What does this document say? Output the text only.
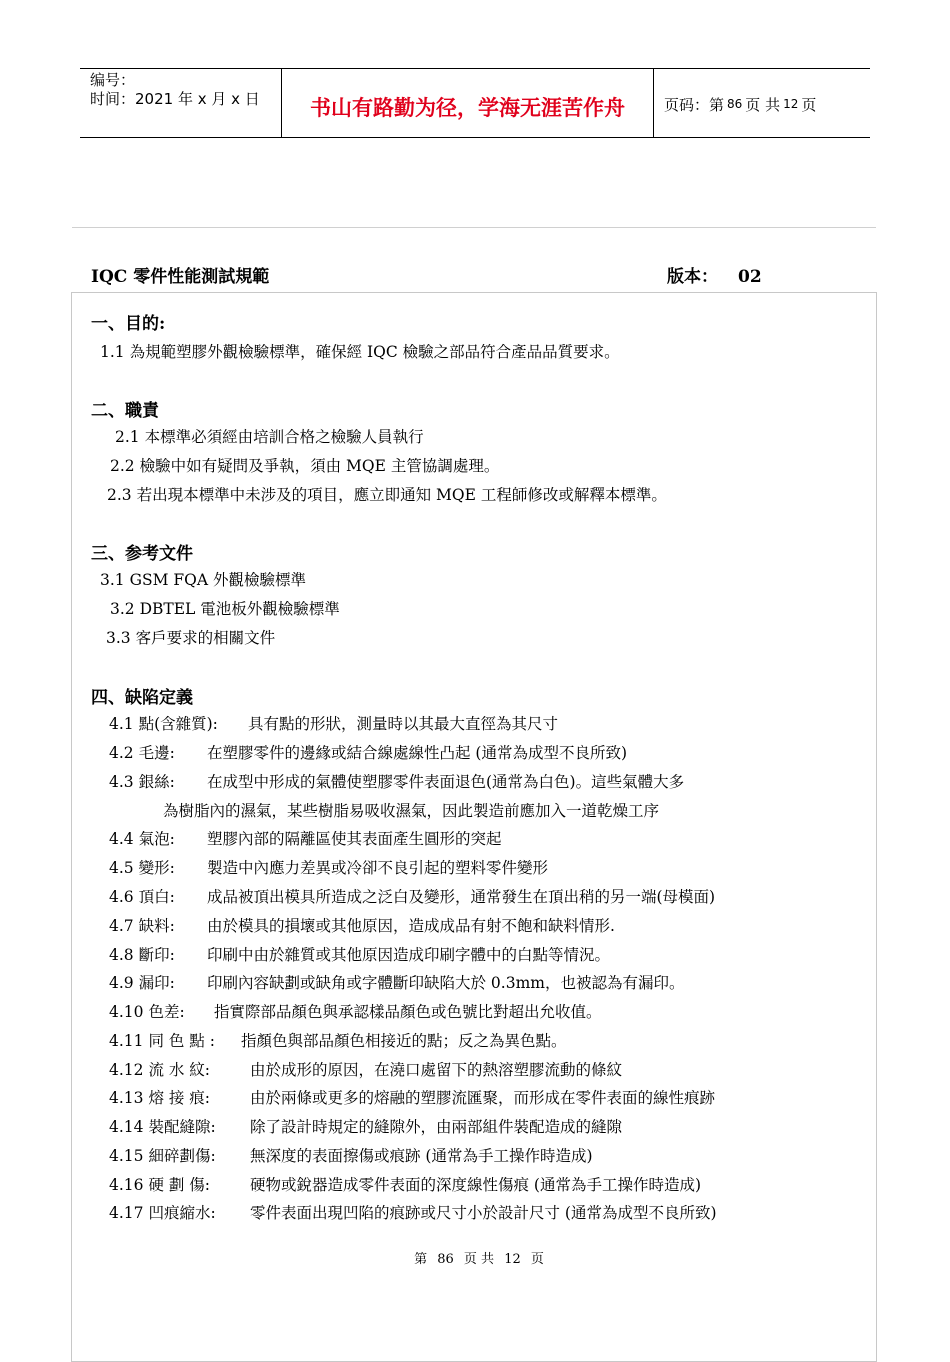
编号：
时间：2021 年 x 月 x 日	书山有路勤为径，学海无涯苦作舟	页码：第 86 页 共 12 页
IQC 零件性能測試規範	版本： 02
一、目的:
1.1 為規範塑膠外觀檢驗標準，確保經 IQC 檢驗之部品符合產品品質要求。
二、職責
2.1 本標準必須經由培訓合格之檢驗人員執行
2.2 檢驗中如有疑問及爭執，須由 MQE 主管協調處理。
2.3 若出現本標準中未涉及的項目，應立即通知 MQE 工程師修改或解釋本標準。
三、参考文件
3.1 GSM FQA 外觀檢驗標準
3.2 DBTEL 電池板外觀檢驗標準
3.3 客戶要求的相關文件
四、缺陷定義
4.1 點(含雜質): 具有點的形狀，測量時以其最大直徑為其尺寸
4.2 毛邊: 在塑膠零件的邊緣或結合線處線性凸起 (通常為成型不良所致)
4.3 銀絲: 在成型中形成的氣體使塑膠零件表面退色(通常為白色)。這些氣體大多
為樹脂內的濕氣，某些樹脂易吸收濕氣，因此製造前應加入一道乾燥工序
4.4 氣泡: 塑膠內部的隔離區使其表面產生圓形的突起
4.5 變形: 製造中內應力差異或冷卻不良引起的塑料零件變形
4.6 頂白: 成品被頂出模具所造成之泛白及變形，通常發生在頂出稍的另一端(母模面)
4.7 缺料: 由於模具的損壞或其他原因，造成成品有射不飽和缺料情形.
4.8 斷印: 印刷中由於雜質或其他原因造成印刷字體中的白點等情況。
4.9 漏印: 印刷內容缺劃或缺角或字體斷印缺陷大於 0.3mm，也被認為有漏印。
4.10 色差: 指實際部品顏色與承認樣品顏色或色號比對超出允收值。
4.11 同 色 點 : 指顏色與部品顏色相接近的點；反之為異色點。
4.12 流 水 紋:	由於成形的原因，在澆口處留下的熱溶塑膠流動的條紋
4.13 熔 接 痕:	由於兩條或更多的熔融的塑膠流匯聚，而形成在零件表面的線性痕跡
4.14 裝配縫隙: 除了設計時規定的縫隙外，由兩部組件裝配造成的縫隙
4.15 細碎劃傷: 無深度的表面擦傷或痕跡 (通常為手工操作時造成)
4.16 硬 劃 傷:	硬物或銳器造成零件表面的深度線性傷痕 (通常為手工操作時造成)
4.17 凹痕縮水: 零件表面出現凹陷的痕跡或尺寸小於設計尺寸 (通常為成型不良所致)
第 86 页 共 12 页
